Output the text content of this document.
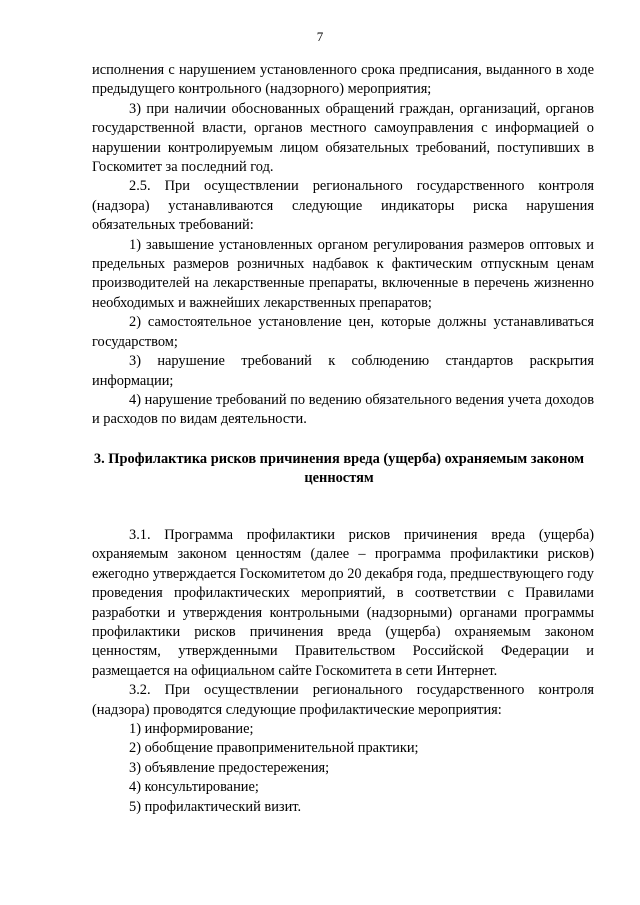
7

исполнения с нарушением установленного срока предписания, выданного в ходе предыдущего контрольного (надзорного) мероприятия;

3) при наличии обоснованных обращений граждан, организаций, органов государственной власти, органов местного самоуправления с информацией о нарушении контролируемым лицом обязательных требований, поступивших в Госкомитет за последний год.

2.5. При осуществлении регионального государственного контроля (надзора) устанавливаются следующие индикаторы риска нарушения обязательных требований:

1) завышение установленных органом регулирования размеров оптовых и предельных размеров розничных надбавок к фактическим отпускным ценам производителей на лекарственные препараты, включенные в перечень жизненно необходимых и важнейших лекарственных препаратов;

2) самостоятельное установление цен, которые должны устанавливаться государством;

3) нарушение требований к соблюдению стандартов раскрытия информации;

4) нарушение требований по ведению обязательного ведения учета доходов и расходов по видам деятельности.

3. Профилактика рисков причинения вреда (ущерба) охраняемым законом ценностям

3.1. Программа профилактики рисков причинения вреда (ущерба) охраняемым законом ценностям (далее – программа профилактики рисков) ежегодно утверждается Госкомитетом до 20 декабря года, предшествующего году проведения профилактических мероприятий, в соответствии с Правилами разработки и утверждения контрольными (надзорными) органами программы профилактики рисков причинения вреда (ущерба) охраняемым законом ценностям, утвержденными Правительством Российской Федерации и размещается на официальном сайте Госкомитета в сети Интернет.

3.2. При осуществлении регионального государственного контроля (надзора) проводятся следующие профилактические мероприятия:

1) информирование;

2) обобщение правоприменительной практики;

3) объявление предостережения;

4) консультирование;

5) профилактический визит.
